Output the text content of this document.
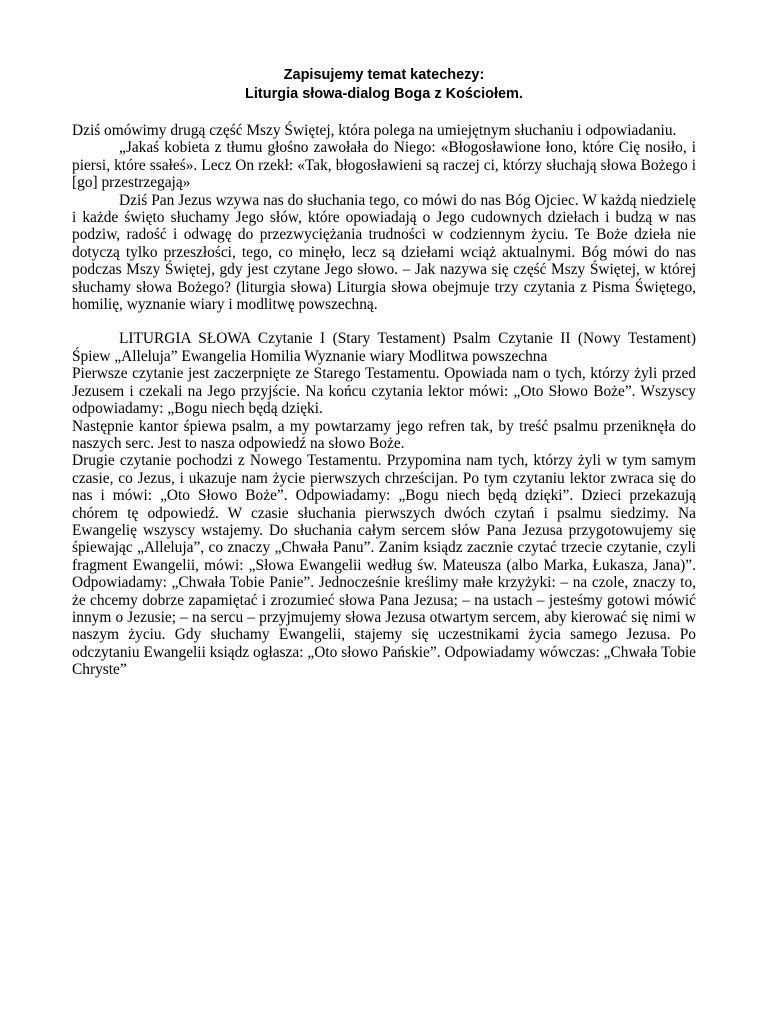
Zapisujemy temat katechezy:
Liturgia słowa-dialog Boga z Kościołem.

Dziś omówimy drugą część Mszy Świętej, która polega na umiejętnym słuchaniu i odpowiadaniu.

„Jakaś kobieta z tłumu głośno zawołała do Niego: «Błogosławione łono, które Cię nosiło, i piersi, które ssałeś». Lecz On rzekł: «Tak, błogosławieni są raczej ci, którzy słuchają słowa Bożego i [go] przestrzegają»

Dziś Pan Jezus wzywa nas do słuchania tego, co mówi do nas Bóg Ojciec. W każdą niedzielę i każde święto słuchamy Jego słów, które opowiadają o Jego cudownych dziełach i budzą w nas podziw, radość i odwagę do przezwyciężania trudności w codziennym życiu. Te Boże dzieła nie dotyczą tylko przeszłości, tego, co minęło, lecz są dziełami wciąż aktualnymi. Bóg mówi do nas podczas Mszy Świętej, gdy jest czytane Jego słowo. – Jak nazywa się część Mszy Świętej, w której słuchamy słowa Bożego? (liturgia słowa) Liturgia słowa obejmuje trzy czytania z Pisma Świętego, homilię, wyznanie wiary i modlitwę powszechną.

LITURGIA SŁOWA Czytanie I (Stary Testament) Psalm Czytanie II (Nowy Testament) Śpiew „Alleluja” Ewangelia Homilia Wyznanie wiary Modlitwa powszechna

Pierwsze czytanie jest zaczerpnięte ze Starego Testamentu. Opowiada nam o tych, którzy żyli przed Jezusem i czekali na Jego przyjście. Na końcu czytania lektor mówi: „Oto Słowo Boże”. Wszyscy odpowiadamy: „Bogu niech będą dzięki.

Następnie kantor śpiewa psalm, a my powtarzamy jego refren tak, by treść psalmu przeniknęła do naszych serc. Jest to nasza odpowiedź na słowo Boże.

Drugie czytanie pochodzi z Nowego Testamentu. Przypomina nam tych, którzy żyli w tym samym czasie, co Jezus, i ukazuje nam życie pierwszych chrześcijan. Po tym czytaniu lektor zwraca się do nas i mówi: „Oto Słowo Boże”. Odpowiadamy: „Bogu niech będą dzięki”. Dzieci przekazują chórem tę odpowiedź. W czasie słuchania pierwszych dwóch czytań i psalmu siedzimy. Na Ewangelię wszyscy wstajemy. Do słuchania całym sercem słów Pana Jezusa przygotowujemy się śpiewając „Alleluja”, co znaczy „Chwała Panu”. Zanim ksiądz zacznie czytać trzecie czytanie, czyli fragment Ewangelii, mówi: „Słowa Ewangelii według św. Mateusza (albo Marka, Łukasza, Jana)”. Odpowiadamy: „Chwała Tobie Panie”. Jednocześnie kreślimy małe krzyżyki: – na czole, znaczy to, że chcemy dobrze zapamiętać i zrozumieć słowa Pana Jezusa; – na ustach – jesteśmy gotowi mówić innym o Jezusie; – na sercu – przyjmujemy słowa Jezusa otwartym sercem, aby kierować się nimi w naszym życiu. Gdy słuchamy Ewangelii, stajemy się uczestnikami życia samego Jezusa. Po odczytaniu Ewangelii ksiądz ogłasza: „Oto słowo Pańskie”. Odpowiadamy wówczas: „Chwała Tobie Chryste”
